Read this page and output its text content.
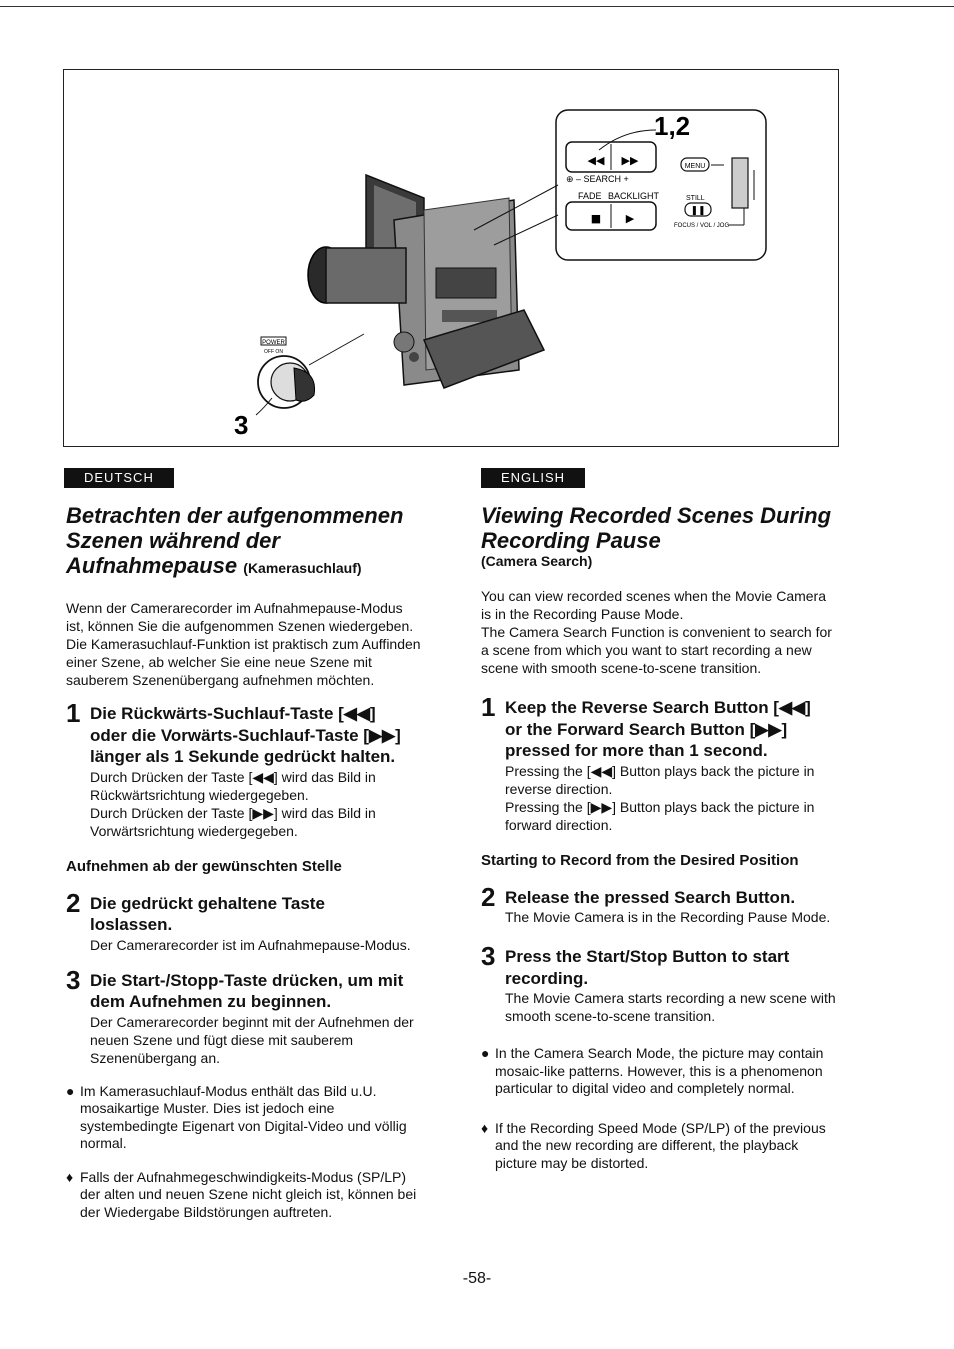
POWER
OFF ON
3
◀◀ ▶▶
1,2
⊕ – SEARCH +
FADE BACKLIGHT
■ ▶
MENU
STILL
❚❚
FOCUS / VOL / JOG
DEUTSCH	ENGLISH
Betrachten der aufgenommenen
Szenen während der
Aufnahmepause (Kamerasuchlauf)
Wenn der Camerarecorder im Aufnahmepause-Modus
ist, können Sie die aufgenommen Szenen wiedergeben.
Die Kamerasuchlauf-Funktion ist praktisch zum Auffinden
einer Szene, ab welcher Sie eine neue Szene mit
sauberem Szenenübergang aufnehmen möchten.
1 Die Rückwärts-Suchlauf-Taste [◀◀]
oder die Vorwärts-Suchlauf-Taste [▶▶]
länger als 1 Sekunde gedrückt halten.
Durch Drücken der Taste [◀◀] wird das Bild in
Rückwärtsrichtung wiedergegeben.
Durch Drücken der Taste [▶▶] wird das Bild in
Vorwärtsrichtung wiedergegeben.
Aufnehmen ab der gewünschten Stelle
2 Die gedrückt gehaltene Taste
loslassen.
Der Camerarecorder ist im Aufnahmepause-Modus.
3 Die Start-/Stopp-Taste drücken, um mit
dem Aufnehmen zu beginnen.
Der Camerarecorder beginnt mit der Aufnehmen der
neuen Szene und fügt diese mit sauberem
Szenenübergang an.
● Im Kamerasuchlauf-Modus enthält das Bild u.U.
mosaikartige Muster. Dies ist jedoch eine
systembedingte Eigenart von Digital-Video und völlig
normal.
♦ Falls der Aufnahmegeschwindigkeits-Modus (SP/LP)
der alten und neuen Szene nicht gleich ist, können bei
der Wiedergabe Bildstörungen auftreten.
Viewing Recorded Scenes During
Recording Pause
(Camera Search)
You can view recorded scenes when the Movie Camera
is in the Recording Pause Mode.
The Camera Search Function is convenient to search for
a scene from which you want to start recording a new
scene with smooth scene-to-scene transition.
1 Keep the Reverse Search Button [◀◀]
or the Forward Search Button [▶▶]
pressed for more than 1 second.
Pressing the [◀◀] Button plays back the picture in
reverse direction.
Pressing the [▶▶] Button plays back the picture in
forward direction.
Starting to Record from the Desired Position
2 Release the pressed Search Button.
The Movie Camera is in the Recording Pause Mode.
3 Press the Start/Stop Button to start
recording.
The Movie Camera starts recording a new scene with
smooth scene-to-scene transition.
● In the Camera Search Mode, the picture may contain
mosaic-like patterns. However, this is a phenomenon
particular to digital video and completely normal.
♦ If the Recording Speed Mode (SP/LP) of the previous
and the new recording are different, the playback
picture may be distorted.
-58-
